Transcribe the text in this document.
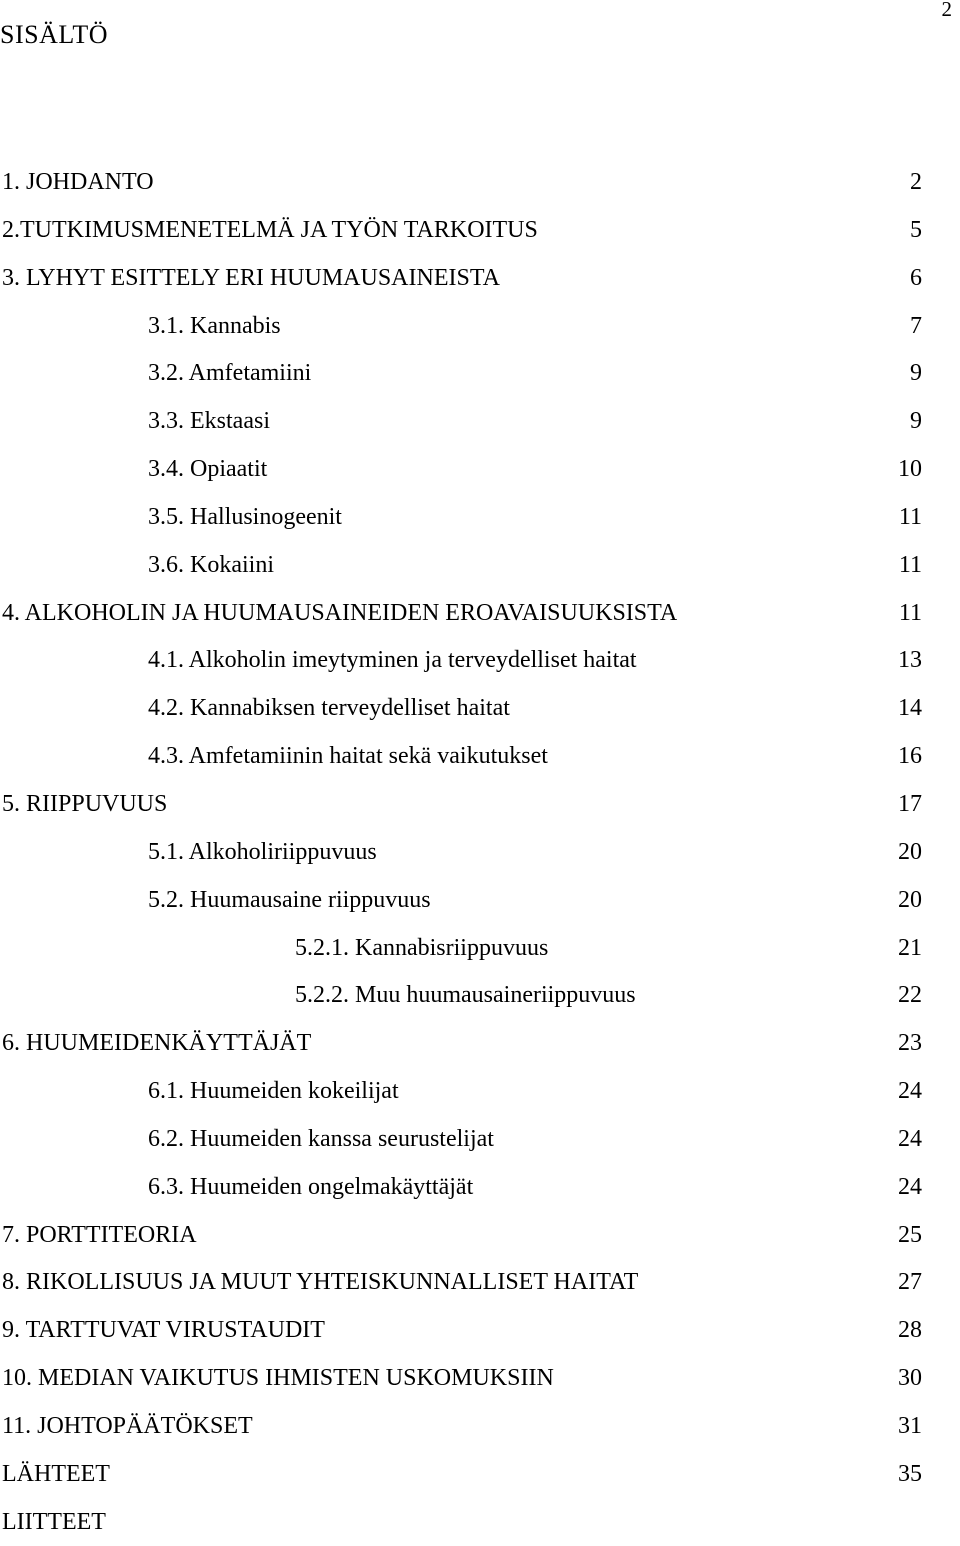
2
SISÄLTÖ
1. JOHDANTO	2
2.TUTKIMUSMENETELMÄ JA TYÖN TARKOITUS	5
3. LYHYT ESITTELY ERI HUUMAUSAINEISTA	6
3.1. Kannabis	7
3.2. Amfetamiini	9
3.3. Ekstaasi	9
3.4. Opiaatit	10
3.5. Hallusinogeenit	11
3.6. Kokaiini	11
4. ALKOHOLIN JA HUUMAUSAINEIDEN EROAVAISUUKSISTA	11
4.1. Alkoholin imeytyminen ja terveydelliset haitat	13
4.2. Kannabiksen terveydelliset haitat	14
4.3. Amfetamiinin haitat sekä vaikutukset	16
5. RIIPPUVUUS	17
5.1. Alkoholiriippuvuus	20
5.2. Huumausaine riippuvuus	20
5.2.1. Kannabisriippuvuus	21
5.2.2. Muu huumausaineriippuvuus	22
6. HUUMEIDENKÄYTTÄJÄT	23
6.1. Huumeiden kokeilijat	24
6.2. Huumeiden kanssa seurustelijat	24
6.3. Huumeiden ongelmakäyttäjät	24
7. PORTTITEORIA	25
8. RIKOLLISUUS JA MUUT YHTEISKUNNALLISET HAITAT	27
9. TARTTUVAT VIRUSTAUDIT	28
10. MEDIAN VAIKUTUS IHMISTEN USKOMUKSIIN	30
11. JOHTOPÄÄTÖKSET	31
LÄHTEET	35
LIITTEET
